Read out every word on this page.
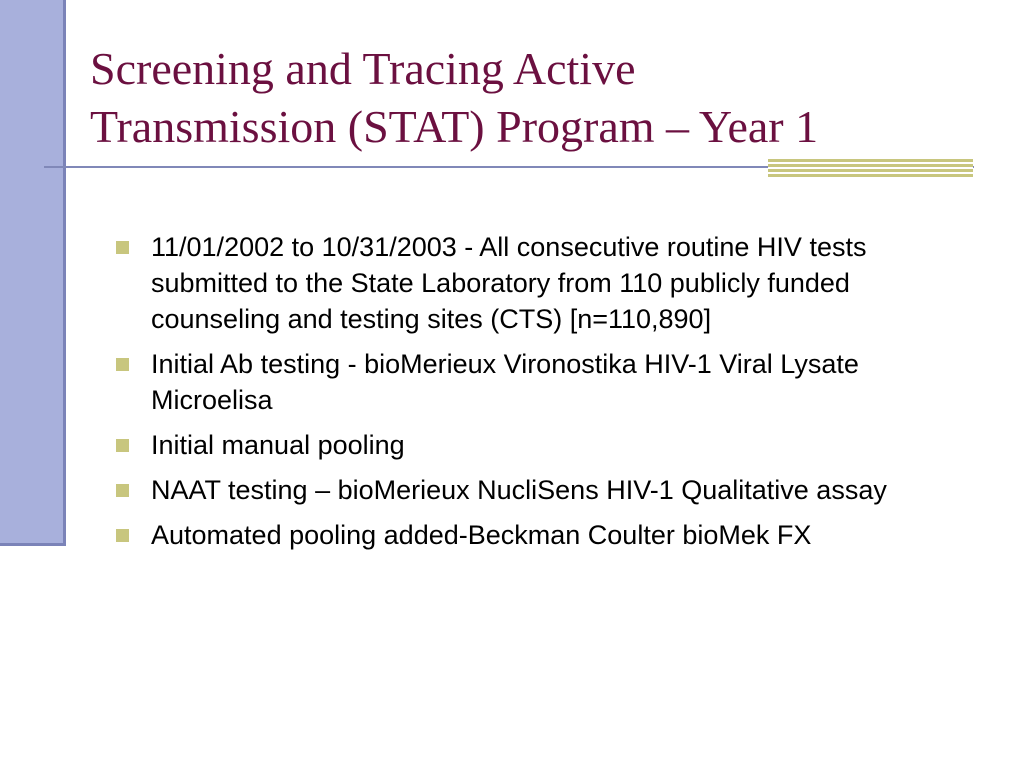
Screening and Tracing Active
Transmission (STAT) Program – Year 1
11/01/2002 to 10/31/2003 - All consecutive routine HIV tests submitted to the State Laboratory from 110 publicly funded counseling and testing sites (CTS) [n=110,890]
Initial Ab testing - bioMerieux Vironostika HIV-1 Viral Lysate Microelisa
Initial manual pooling
NAAT testing – bioMerieux NucliSens HIV-1 Qualitative assay
Automated pooling added-Beckman Coulter bioMek FX
